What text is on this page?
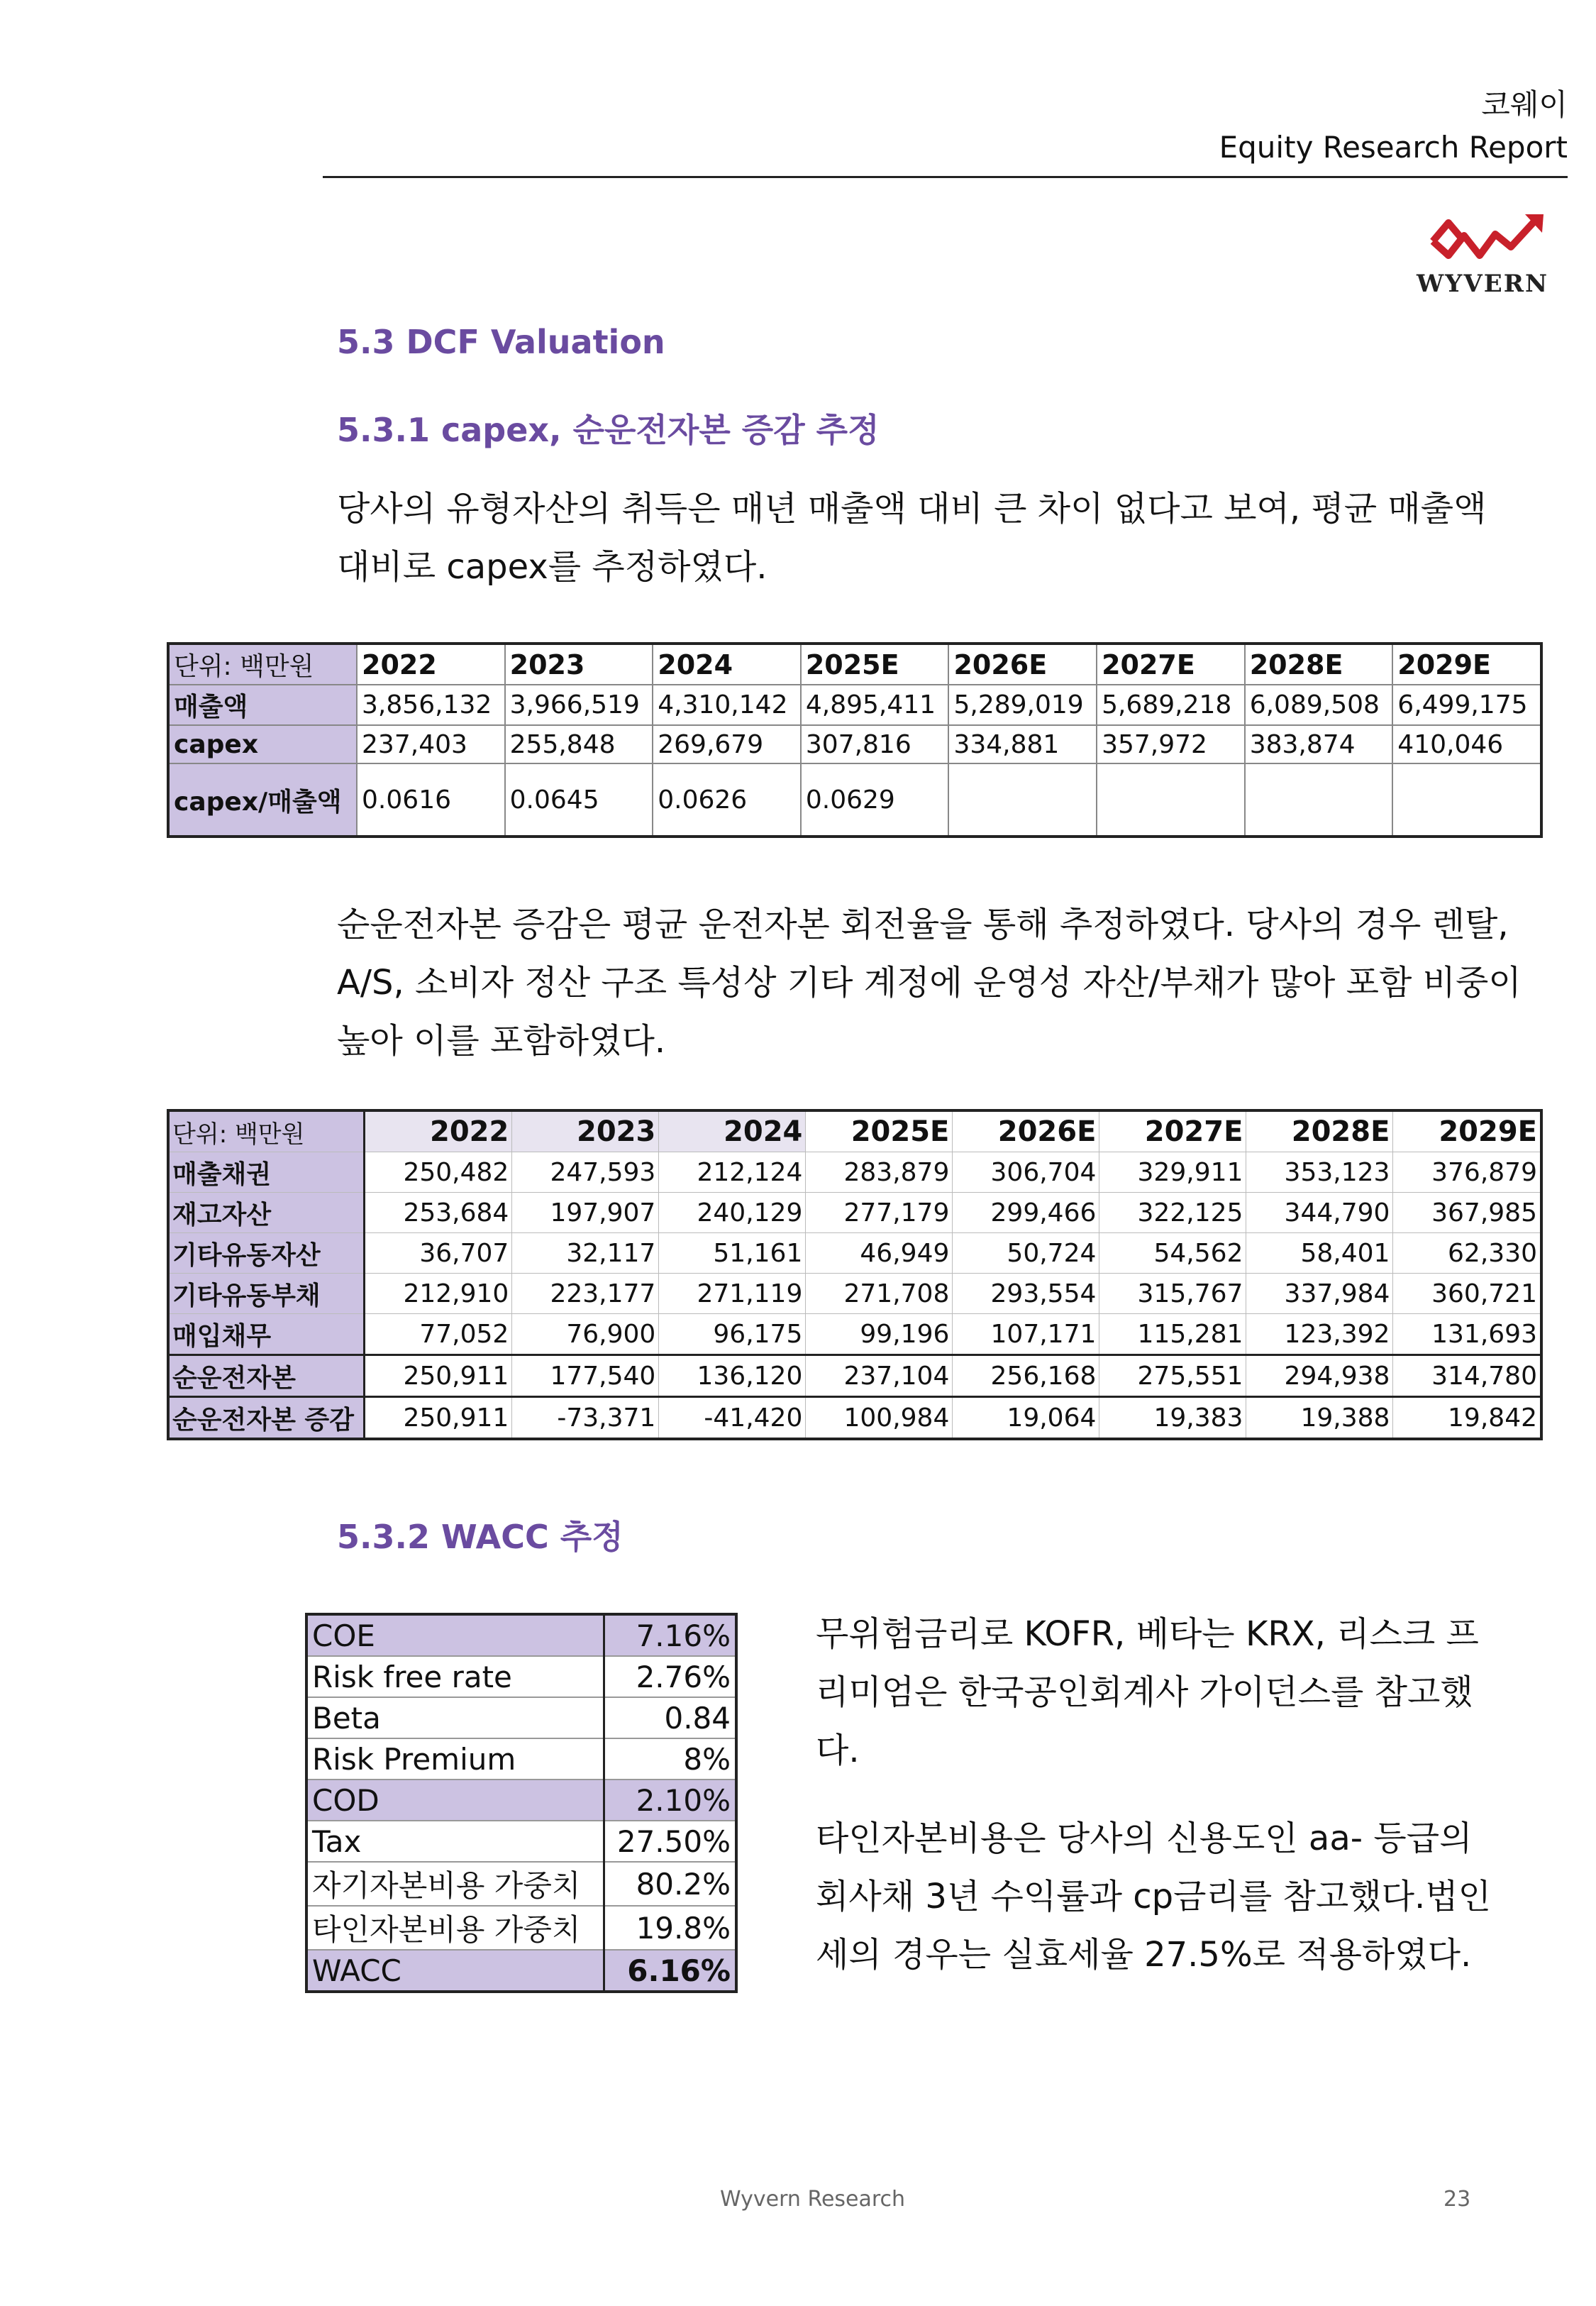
코웨이
Equity Research Report
WYVERN
5.3 DCF Valuation
5.3.1 capex, 순운전자본 증감 추정

당사의 유형자산의 취득은 매년 매출액 대비 큰 차이 없다고 보여, 평균 매출액
대비로 capex를 추정하였다.

단위: 백만원	2022	2023	2024	2025E	2026E	2027E	2028E	2029E
매출액	3,856,132	3,966,519	4,310,142	4,895,411	5,289,019	5,689,218	6,089,508	6,499,175
capex	237,403	255,848	269,679	307,816	334,881	357,972	383,874	410,046
capex/매출액	0.0616	0.0645	0.0626	0.0629				

순운전자본 증감은 평균 운전자본 회전율을 통해 추정하였다. 당사의 경우 렌탈,
A/S, 소비자 정산 구조 특성상 기타 계정에 운영성 자산/부채가 많아 포함 비중이
높아 이를 포함하였다.

단위: 백만원	2022	2023	2024	2025E	2026E	2027E	2028E	2029E
매출채권	250,482	247,593	212,124	283,879	306,704	329,911	353,123	376,879
재고자산	253,684	197,907	240,129	277,179	299,466	322,125	344,790	367,985
기타유동자산	36,707	32,117	51,161	46,949	50,724	54,562	58,401	62,330
기타유동부채	212,910	223,177	271,119	271,708	293,554	315,767	337,984	360,721
매입채무	77,052	76,900	96,175	99,196	107,171	115,281	123,392	131,693
순운전자본	250,911	177,540	136,120	237,104	256,168	275,551	294,938	314,780
순운전자본 증감	250,911	-73,371	-41,420	100,984	19,064	19,383	19,388	19,842
5.3.2 WACC 추정
COE	7.16%
Risk free rate	2.76%
Beta	0.84
Risk Premium	8%
COD	2.10%
Tax	27.50%
자기자본비용 가중치	80.2%
타인자본비용 가중치	19.8%
WACC	6.16%

무위험금리로 KOFR, 베타는 KRX, 리스크 프
리미엄은 한국공인회계사 가이던스를 참고했
다.

타인자본비용은 당사의 신용도인 aa- 등급의
회사채 3년 수익률과 cp금리를 참고했다.법인
세의 경우는 실효세율 27.5%로 적용하였다.

Wyvern Research	23
